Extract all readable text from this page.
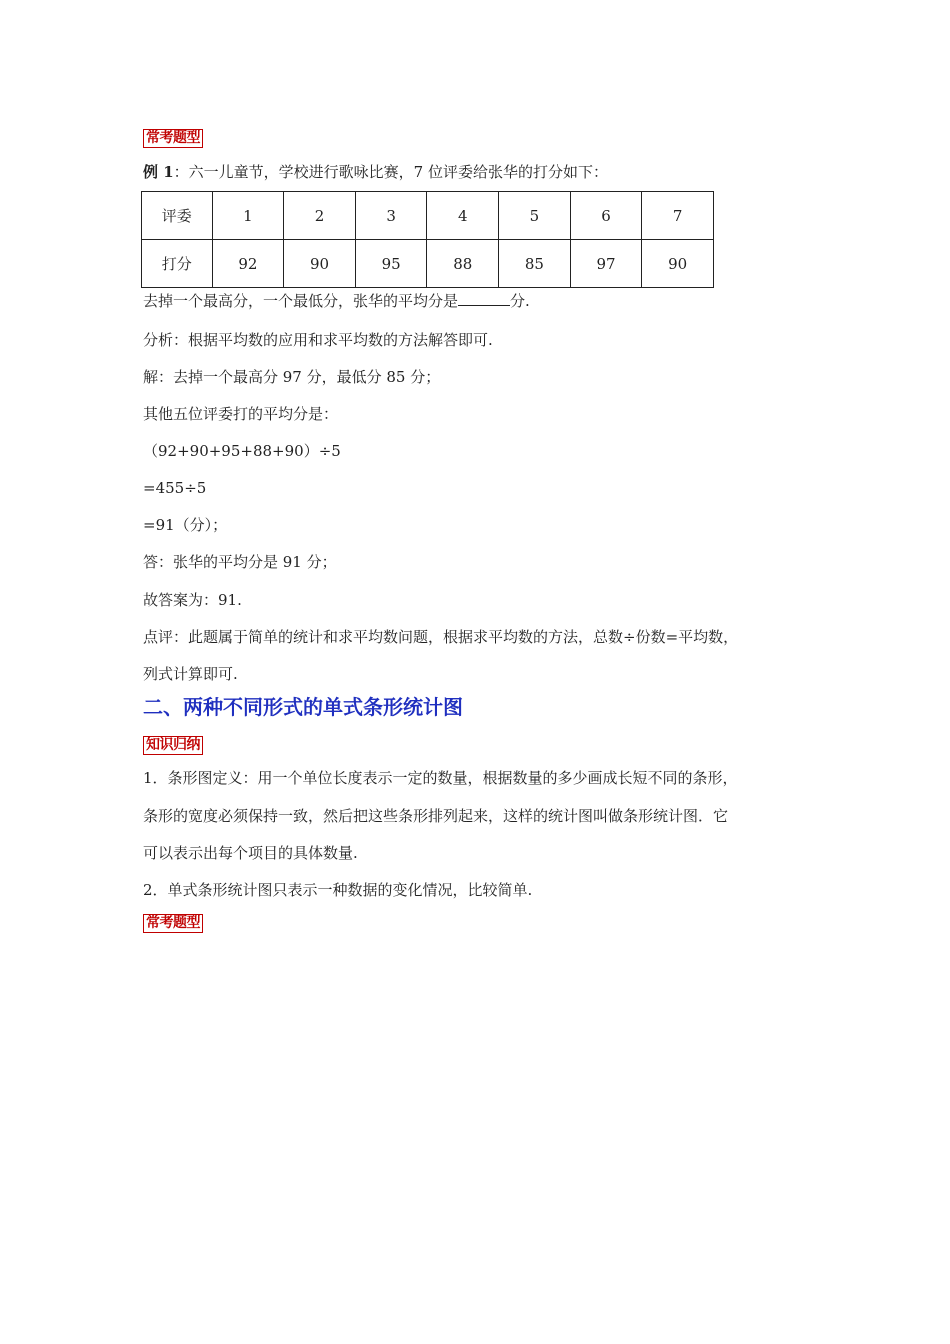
常考题型
例 1：六一儿童节，学校进行歌咏比赛，7 位评委给张华的打分如下：
评委	1	2	3	4	5	6	7
打分	92	90	95	88	85	97	90
去掉一个最高分，一个最低分，张华的平均分是	分.
分析：根据平均数的应用和求平均数的方法解答即可.
解：去掉一个最高分 97 分，最低分 85 分；
其他五位评委打的平均分是：
（92+90+95+88+90）÷5
=455÷5
=91（分）；
答：张华的平均分是 91 分；
故答案为：91.
点评：此题属于简单的统计和求平均数问题，根据求平均数的方法，总数÷份数=平均数，
列式计算即可.
二、两种不同形式的单式条形统计图
知识归纳
1．条形图定义：用一个单位长度表示一定的数量，根据数量的多少画成长短不同的条形，
条形的宽度必须保持一致，然后把这些条形排列起来，这样的统计图叫做条形统计图．它
可以表示出每个项目的具体数量.
2．单式条形统计图只表示一种数据的变化情况，比较简单.
常考题型
